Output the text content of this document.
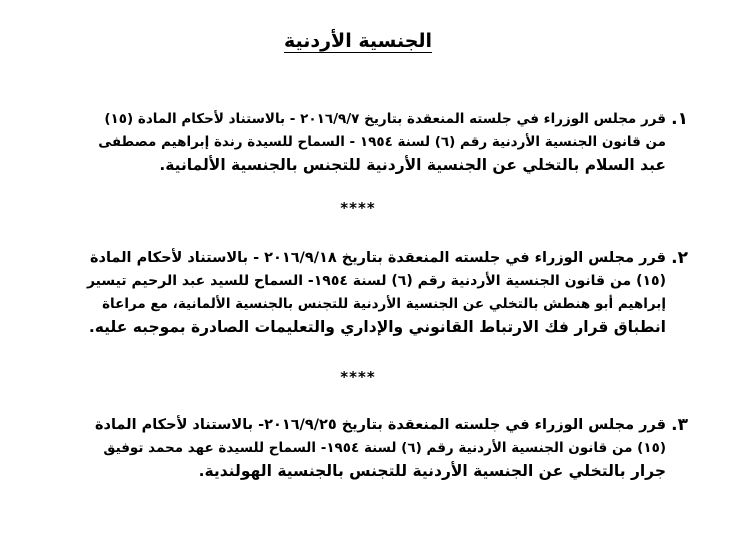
الجنسية الأردنية
١.
قرر مجلس الوزراء في جلسته المنعقدة بتاريخ ٢٠١٦/٩/٧ - بالاستناد لأحكام المادة (١٥)
من قانون الجنسية الأردنية رقم (٦) لسنة ١٩٥٤ - السماح للسيدة رندة إبراهيم مصطفى
عبد السلام بالتخلي عن الجنسية الأردنية للتجنس بالجنسية الألمانية.
****
٢.
قرر مجلس الوزراء في جلسته المنعقدة بتاريخ ٢٠١٦/٩/١٨ - بالاستناد لأحكام المادة
(١٥) من قانون الجنسية الأردنية رقم (٦) لسنة ١٩٥٤- السماح للسيد عبد الرحيم تيسير
إبراهيم أبو هنطش بالتخلي عن الجنسية الأردنية للتجنس بالجنسية الألمانية، مع مراعاة
انطباق قرار فك الارتباط القانوني والإداري والتعليمات الصادرة بموجبه عليه.
****
٣.
قرر مجلس الوزراء في جلسته المنعقدة بتاريخ ٢٠١٦/٩/٢٥- بالاستناد لأحكام المادة
(١٥) من قانون الجنسية الأردنية رقم (٦) لسنة ١٩٥٤- السماح للسيدة عهد محمد توفيق
جرار بالتخلي عن الجنسية الأردنية للتجنس بالجنسية الهولندية.
